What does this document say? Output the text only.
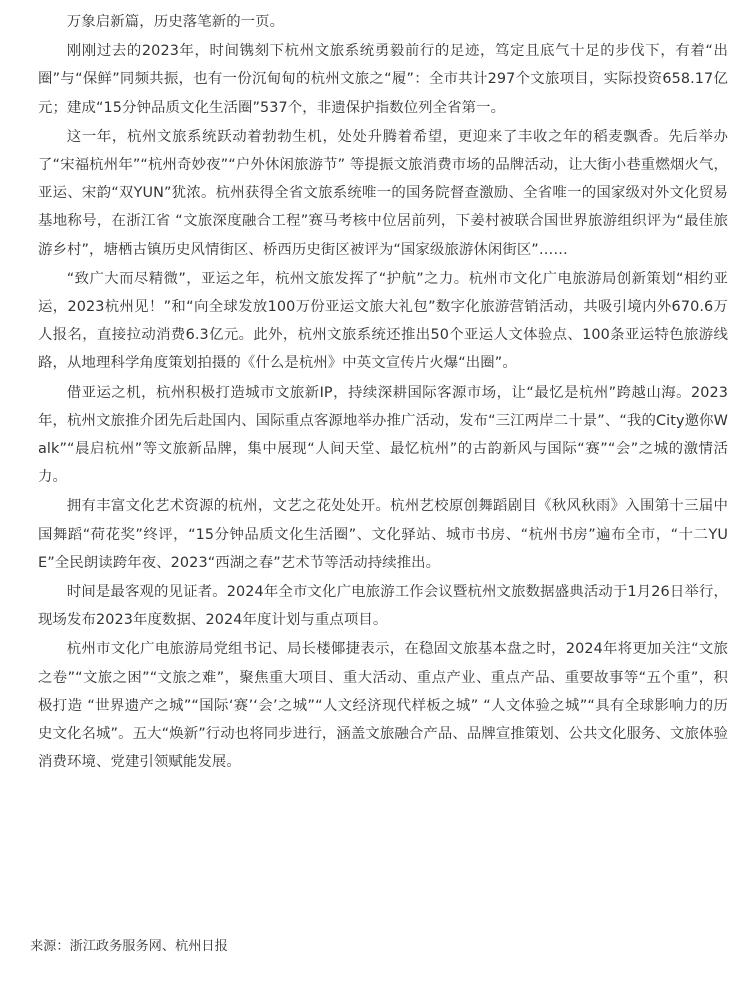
万象启新篇，历史落笔新的一页。

刚刚过去的2023年，时间镌刻下杭州文旅系统勇毅前行的足迹，笃定且底气十足的步伐下，有着“出圈”与“保鲜”同频共振，也有一份沉甸甸的杭州文旅之“履”：全市共计297个文旅项目，实际投资658.17亿元；建成“15分钟品质文化生活圈”537个，非遗保护指数位列全省第一。

这一年，杭州文旅系统跃动着勃勃生机，处处升腾着希望，更迎来了丰收之年的稻麦飘香。先后举办了“宋福杭州年”“杭州奇妙夜”“户外休闲旅游节” 等提振文旅消费市场的品牌活动，让大街小巷重燃烟火气，亚运、宋韵“双YUN”犹浓。杭州获得全省文旅系统唯一的国务院督查激励、全省唯一的国家级对外文化贸易基地称号，在浙江省 “文旅深度融合工程”赛马考核中位居前列，下姜村被联合国世界旅游组织评为“最佳旅游乡村”，塘栖古镇历史风情街区、桥西历史街区被评为“国家级旅游休闲街区”……

“致广大而尽精微”，亚运之年，杭州文旅发挥了“护航”之力。杭州市文化广电旅游局创新策划“相约亚运，2023杭州见！”和“向全球发放100万份亚运文旅大礼包”数字化旅游营销活动，共吸引境内外670.6万人报名，直接拉动消费6.3亿元。此外，杭州文旅系统还推出50个亚运人文体验点、100条亚运特色旅游线路，从地理科学角度策划拍摄的《什么是杭州》中英文宣传片火爆“出圈”。

借亚运之机，杭州积极打造城市文旅新IP，持续深耕国际客源市场，让“最忆是杭州”跨越山海。2023年，杭州文旅推介团先后赴国内、国际重点客源地举办推广活动，发布“三江两岸二十景”、“我的City邀你Walk”“晨启杭州”等文旅新品牌，集中展现“人间天堂、最忆杭州”的古韵新风与国际“赛”“会”之城的激情活力。

拥有丰富文化艺术资源的杭州，文艺之花处处开。杭州艺校原创舞蹈剧目《秋风秋雨》入围第十三届中国舞蹈“荷花奖”终评，“15分钟品质文化生活圈”、文化驿站、城市书房、“杭州书房”遍布全市，“十二YUE”全民朗读跨年夜、2023“西湖之春”艺术节等活动持续推出。

时间是最客观的见证者。2024年全市文化广电旅游工作会议暨杭州文旅数据盛典活动于1月26日举行，现场发布2023年度数据、2024年度计划与重点项目。

杭州市文化广电旅游局党组书记、局长楼倻捷表示，在稳固文旅基本盘之时，2024年将更加关注“文旅之卷”“文旅之困”“文旅之难”，聚焦重大项目、重大活动、重点产业、重点产品、重要故事等“五个重”，积极打造 “世界遗产之城”“国际‘赛’‘会’之城”“人文经济现代样板之城” “人文体验之城”“具有全球影响力的历史文化名城”。五大“焕新”行动也将同步进行，涵盖文旅融合产品、品牌宣推策划、公共文化服务、文旅体验消费环境、党建引领赋能发展。

来源：浙江政务服务网、杭州日报
